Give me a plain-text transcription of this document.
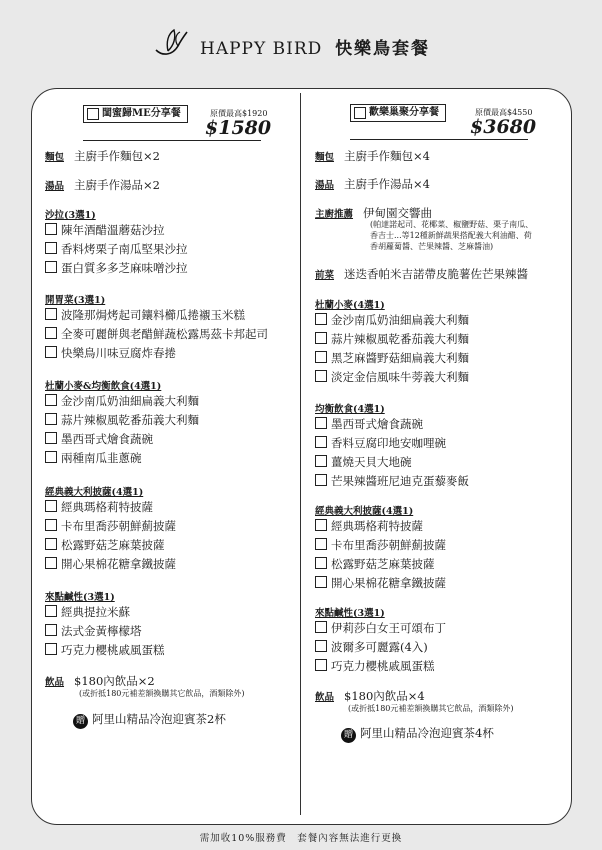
HAPPY BIRD 快樂鳥套餐
閨蜜歸ME分享餐	原價最高$1920
$1580
麵包 主廚手作麵包×2
湯品 主廚手作湯品×2
沙拉(3選1)
陳年酒醋溫蘑菇沙拉
香料烤栗子南瓜堅果沙拉
蛋白質多多芝麻味噌沙拉
開胃菜(3選1)
波隆那焗烤起司鑲料櫛瓜捲襯玉米糕
全麥可麗餅與老醋鮮蔬松露馬茲卡邦起司
快樂鳥川味豆腐炸春捲
杜蘭小麥&均衡飲食(4選1)
金沙南瓜奶油細扁義大利麵
蒜片辣椒風乾番茄義大利麵
墨西哥式燴食蔬碗
兩種南瓜韭蔥碗
經典義大利披薩(4選1)
經典瑪格莉特披薩
卡布里喬莎朝鮮薊披薩
松露野菇芝麻葉披薩
開心果棉花糖拿鐵披薩
來點鹹性(3選1)
經典提拉米蘇
法式金黃檸檬塔
巧克力櫻桃戚風蛋糕
飲品 $180內飲品×2
(或折抵180元補差額換購其它飲品，酒類除外)
贈 阿里山精品冷泡迎賓茶2杯
歡樂巢聚分享餐	原價最高$4550
$3680
麵包 主廚手作麵包×4
湯品 主廚手作湯品×4
主廚推薦 伊甸園交響曲
(帕達諾起司、花椰菜、椒鹽野菇、栗子南瓜、
香吉士...等12種新鮮蔬果搭配義大利油醋、荷
香胡蘿蔔醬、芒果辣醬、芝麻醬油)
前菜 迷迭香帕米吉諾帶皮脆薯佐芒果辣醬
杜蘭小麥(4選1)
金沙南瓜奶油細扁義大利麵
蒜片辣椒風乾番茄義大利麵
黑芝麻醬野菇細扁義大利麵
淡定金信風味牛蒡義大利麵
均衡飲食(4選1)
墨西哥式燴食蔬碗
香料豆腐印地安咖哩碗
薑燒天貝大地碗
芒果辣醬班尼迪克蛋藜麥飯
經典義大利披薩(4選1)
經典瑪格莉特披薩
卡布里喬莎朝鮮薊披薩
松露野菇芝麻葉披薩
開心果棉花糖拿鐵披薩
來點鹹性(3選1)
伊莉莎白女王可頌布丁
波爾多可麗露(4入)
巧克力櫻桃戚風蛋糕
飲品 $180內飲品×4
(或折抵180元補差額換購其它飲品，酒類除外)
贈 阿里山精品冷泡迎賓茶4杯
需加收10%服務費　套餐內容無法進行更換
